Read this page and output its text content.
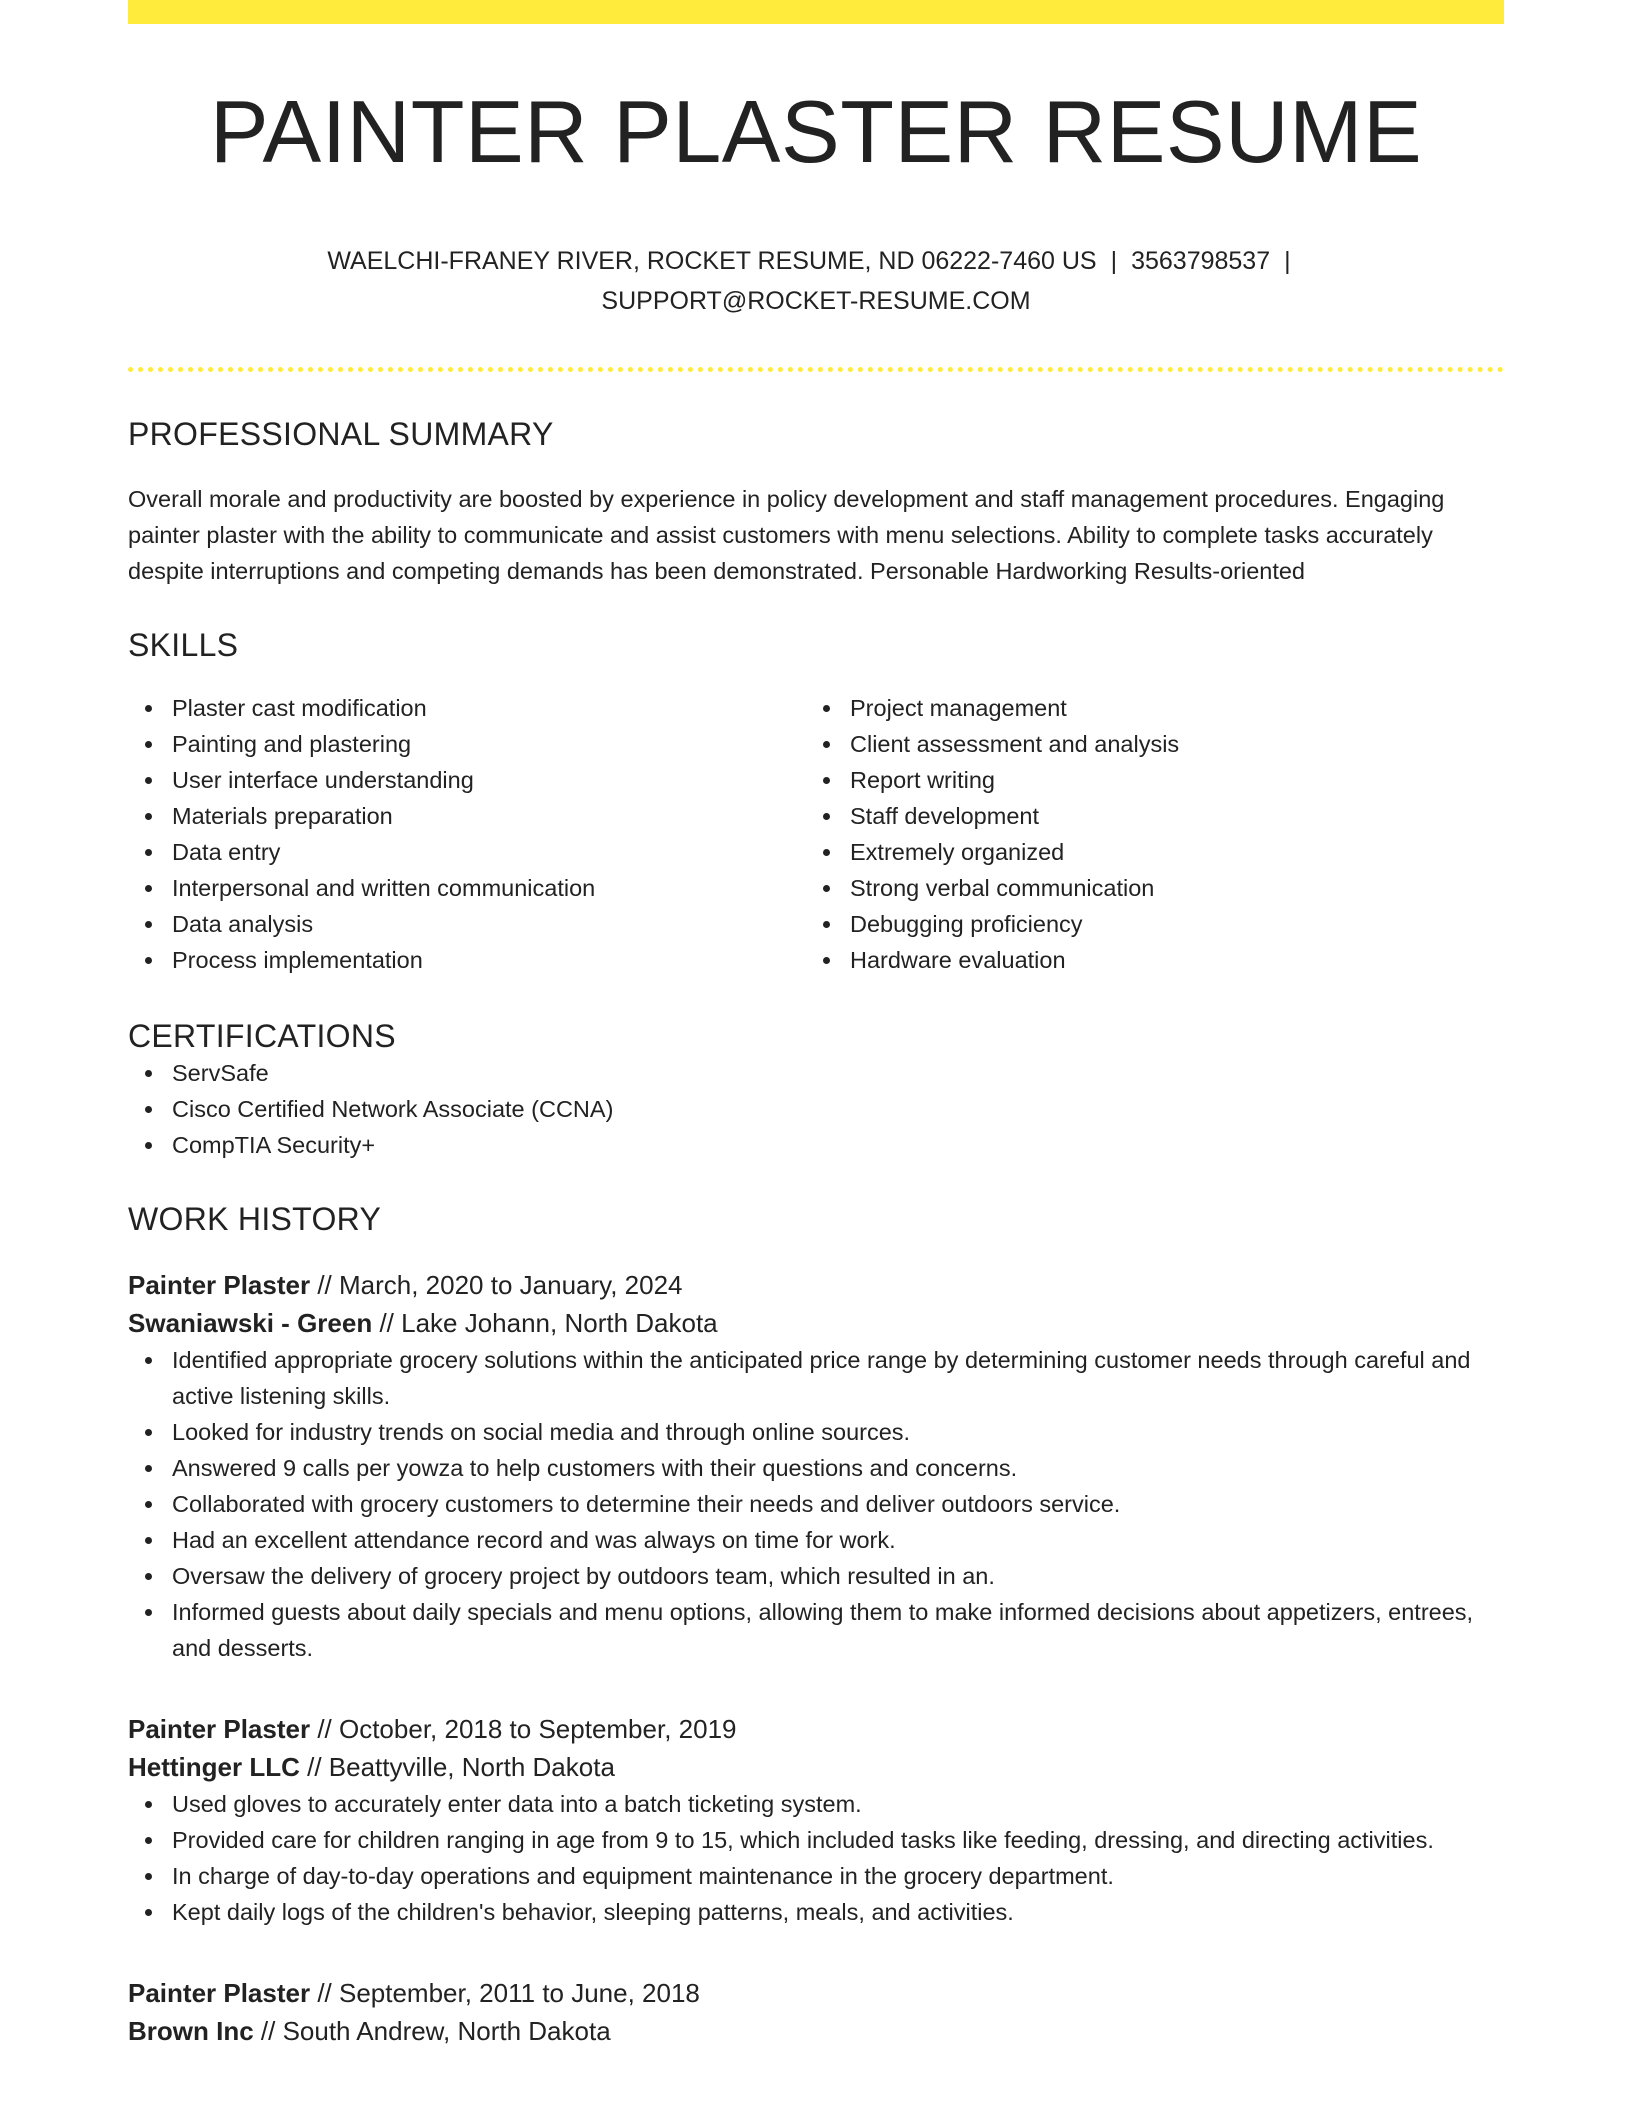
PAINTER PLASTER RESUME
WAELCHI-FRANEY RIVER, ROCKET RESUME, ND 06222-7460 US | 3563798537 |
SUPPORT@ROCKET-RESUME.COM
PROFESSIONAL SUMMARY
Overall morale and productivity are boosted by experience in policy development and staff management procedures. Engaging painter plaster with the ability to communicate and assist customers with menu selections. Ability to complete tasks accurately despite interruptions and competing demands has been demonstrated. Personable Hardworking Results-oriented
SKILLS
Plaster cast modification
Painting and plastering
User interface understanding
Materials preparation
Data entry
Interpersonal and written communication
Data analysis
Process implementation
Project management
Client assessment and analysis
Report writing
Staff development
Extremely organized
Strong verbal communication
Debugging proficiency
Hardware evaluation
CERTIFICATIONS
ServSafe
Cisco Certified Network Associate (CCNA)
CompTIA Security+
WORK HISTORY
Painter Plaster // March, 2020 to January, 2024
Swaniawski - Green // Lake Johann, North Dakota
Identified appropriate grocery solutions within the anticipated price range by determining customer needs through careful and active listening skills.
Looked for industry trends on social media and through online sources.
Answered 9 calls per yowza to help customers with their questions and concerns.
Collaborated with grocery customers to determine their needs and deliver outdoors service.
Had an excellent attendance record and was always on time for work.
Oversaw the delivery of grocery project by outdoors team, which resulted in an.
Informed guests about daily specials and menu options, allowing them to make informed decisions about appetizers, entrees, and desserts.
Painter Plaster // October, 2018 to September, 2019
Hettinger LLC // Beattyville, North Dakota
Used gloves to accurately enter data into a batch ticketing system.
Provided care for children ranging in age from 9 to 15, which included tasks like feeding, dressing, and directing activities.
In charge of day-to-day operations and equipment maintenance in the grocery department.
Kept daily logs of the children's behavior, sleeping patterns, meals, and activities.
Painter Plaster // September, 2011 to June, 2018
Brown Inc // South Andrew, North Dakota
